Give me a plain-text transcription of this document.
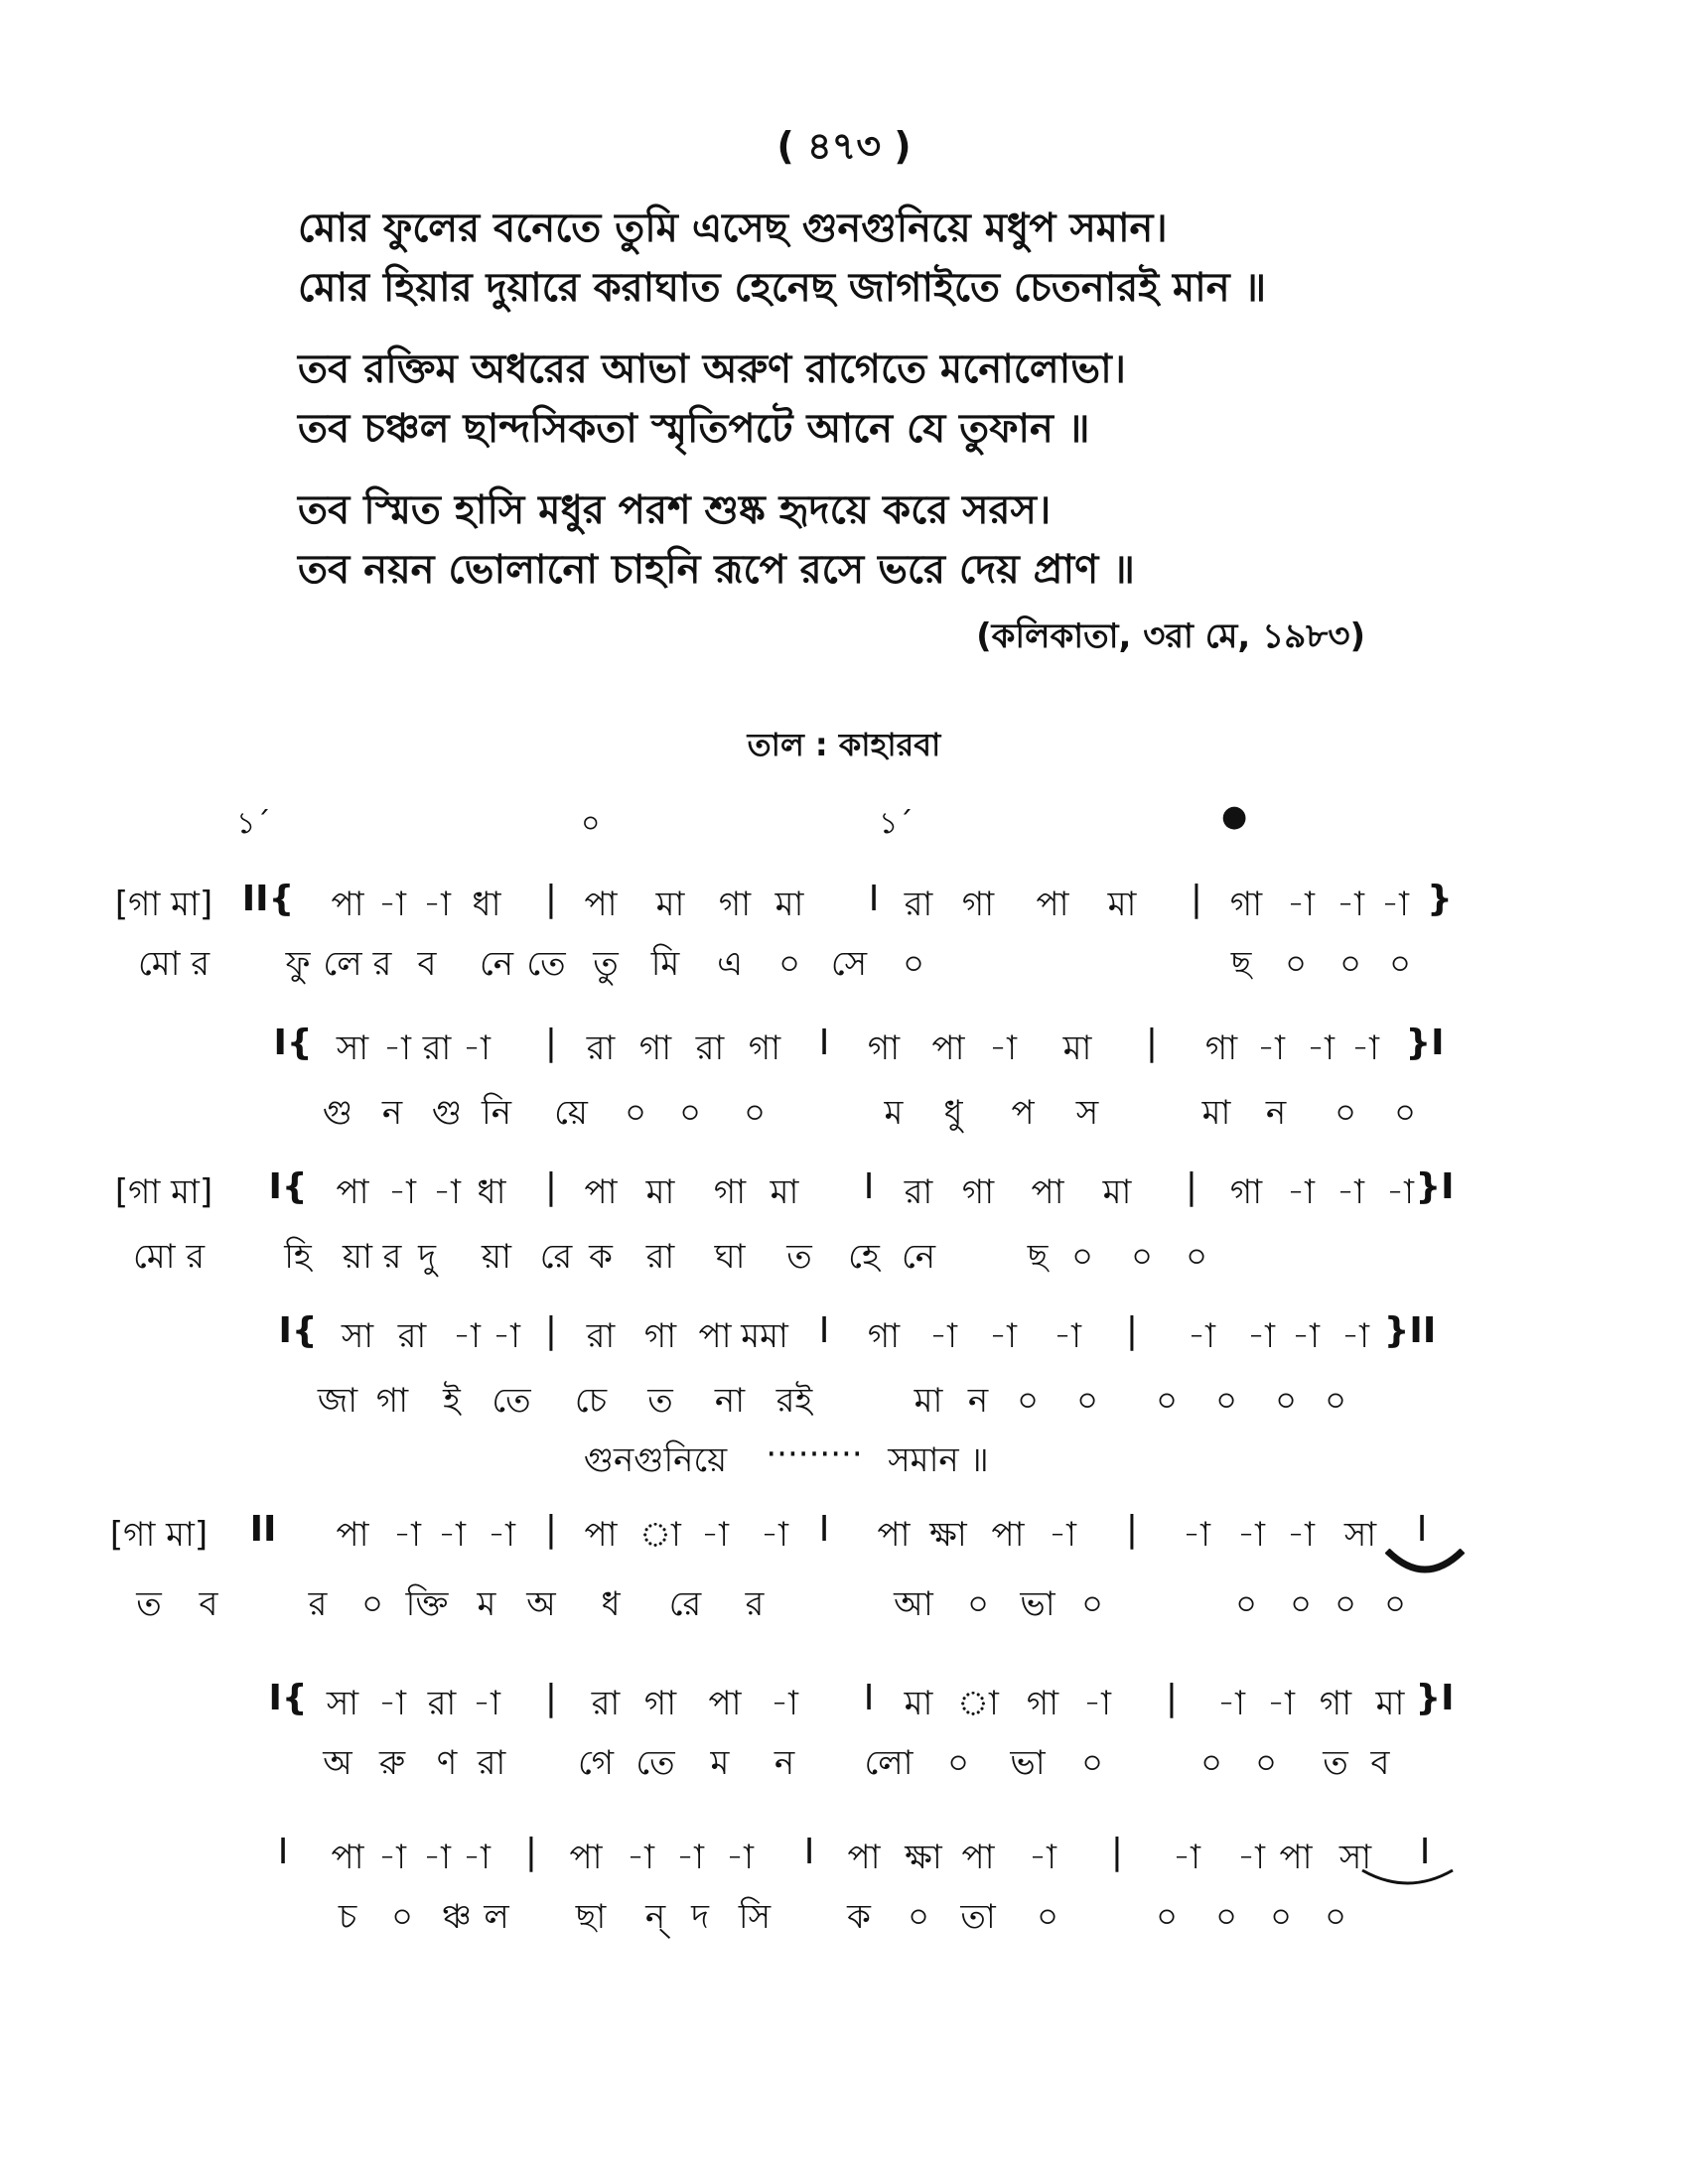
( ৪৭৩ )
মোর ফুলের বনেতে তুমি এসেছ গুনগুনিয়ে মধুপ সমান।
মোর হিয়ার দুয়ারে করাঘাত হেনেছ জাগাইতে চেতনারই মান ॥
তব রক্তিম অধরের আভা অরুণ রাগেতে মনোলোভা।
তব চঞ্চল ছান্দসিকতা স্মৃতিপটে আনে যে তুফান ॥
তব স্মিত হাসি মধুর পরশ শুষ্ক হৃদয়ে করে সরস।
তব নয়ন ভোলানো চাহনি রূপে রসে ভরে দেয় প্রাণ ॥
(কলিকাতা, ৩রা মে, ১৯৮৩)
তাল : কাহারবা
১´	০	১´	●
[গা মা] II{ পা -া -া ধা | পা মা গা মা I রা গা পা মা | গা -া -া -া }
মো র ফু লে র ব নে তে তু মি এ ০ সে ০	ছ ০ ০ ০
I{ সা -া রা -া | রা গা রা গা I গা পা -া মা | গা -া -া -া }I
গু ন গু নি য়ে ০ ০ ০	ম ধু প স	মা ন ০ ০
[গা মা] I{ পা -া -া ধা | পা মা গা মা I রা গা পা মা | গা -া -া -া }I
মো র হি য়া র দু য়া রে ক রা ঘা ত হে নে	ছ ০ ০ ০
I{ সা রা -া -া | রা গা পা মমা I গা -া -া -া | -া -া -া -া }II
জা গা ই তে চে ত না রই	মা ন ০ ০ ০ ০ ০ ০
গুনগুনিয়ে ········· সমান ॥
[গা মা] II পা -া -া -া | পা া -া -া I পা ক্ষা পা -া | -া -া -া সা I
ত ব	র ০ ক্তি ম অ ধ রে র	আ ০ ভা ০	০ ০ ০ ০
I{ সা -া রা -া | রা গা পা -া I মা া গা -া | -া -া গা মা }I
অ রু ণ রা গে তে ম ন লো ০ ভা ০	০ ০ ত ব
I পা -া -া -া | পা -া -া -া I পা ক্ষা পা -া | -া -া পা সা I
চ ০ ঞ্চ ল ছা ন্ দ সি ক ০ তা ০	০ ০ ০ ০
